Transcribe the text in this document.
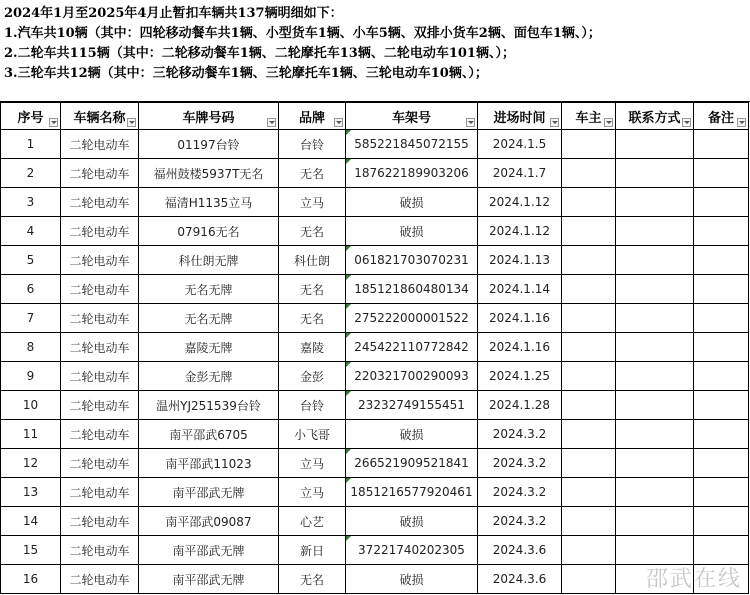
2024年1月至2025年4月止暂扣车辆共137辆明细如下：
1.汽车共10辆（其中：四轮移动餐车共1辆、小型货车1辆、小车5辆、双排小货车2辆、面包车1辆、）；
2.二轮车共115辆（其中：二轮移动餐车1辆、二轮摩托车13辆、二轮电动车101辆、）；
3.三轮车共12辆（其中：三轮移动餐车1辆、三轮摩托车1辆、三轮电动车10辆、）；
序号	车辆名称	车牌号码	品牌	车架号	进场时间	车主	联系方式	备注

1	二轮电动车	01197台铃	台铃	585221845072155	2024.1.5			
2	二轮电动车	福州鼓楼5937T无名	无名	187622189903206	2024.1.7			
3	二轮电动车	福清H1135立马	立马	破损	2024.1.12			
4	二轮电动车	07916无名	无名	破损	2024.1.12			
5	二轮电动车	科仕朗无牌	科仕朗	061821703070231	2024.1.13			
6	二轮电动车	无名无牌	无名	185121860480134	2024.1.14			
7	二轮电动车	无名无牌	无名	275222000001522	2024.1.16			
8	二轮电动车	嘉陵无牌	嘉陵	245422110772842	2024.1.16			
9	二轮电动车	金彭无牌	金彭	220321700290093	2024.1.25			
10	二轮电动车	温州YJ251539台铃	台铃	23232749155451	2024.1.28			
11	二轮电动车	南平邵武6705	小飞哥	破损	2024.3.2			
12	二轮电动车	南平邵武11023	立马	266521909521841	2024.3.2			
13	二轮电动车	南平邵武无牌	立马	1851216577920461	2024.3.2			
14	二轮电动车	南平邵武09087	心艺	破损	2024.3.2			
15	二轮电动车	南平邵武无牌	新日	37221740202305	2024.3.6			
16	二轮电动车	南平邵武无牌	无名	破损	2024.3.6				邵武在线
